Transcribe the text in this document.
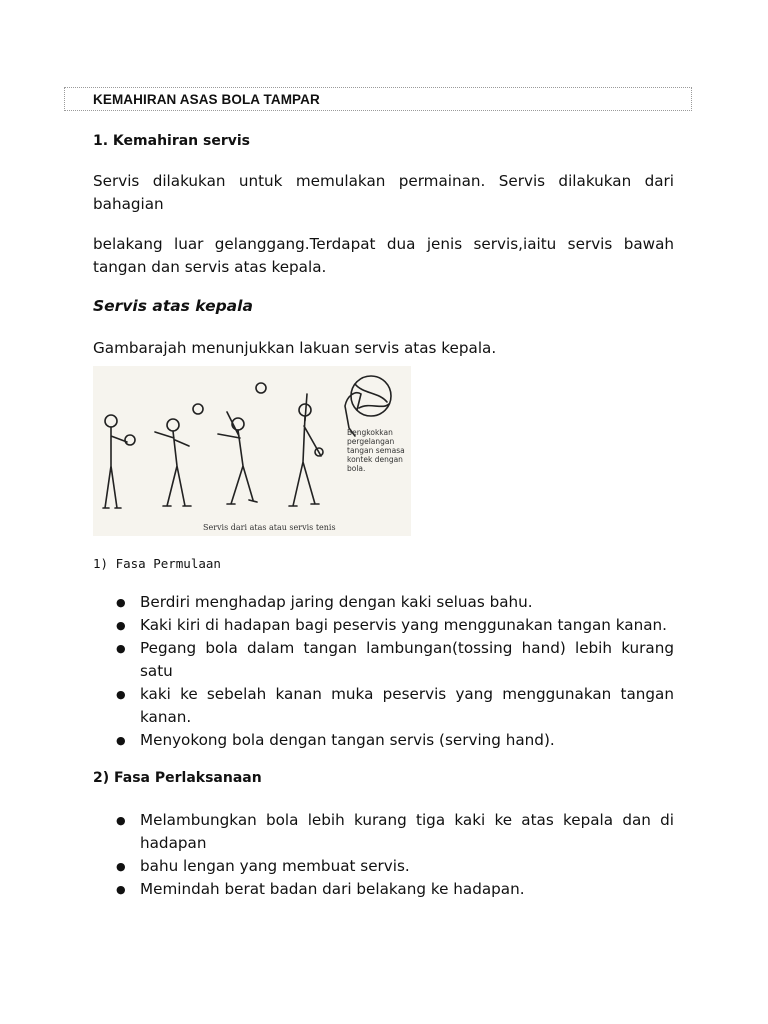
KEMAHIRAN ASAS BOLA TAMPAR
1. Kemahiran servis
Servis dilakukan untuk memulakan permainan. Servis dilakukan dari bahagian
belakang luar gelanggang.Terdapat dua jenis servis,iaitu servis bawah tangan dan servis atas kepala.
Servis atas kepala
Gambarajah menunjukkan lakuan servis atas kepala.
Bengkokkan
pergelangan
tangan semasa
kontek dengan
bola.
Servis dari atas atau servis tenis
1) Fasa Permulaan
● Berdiri menghadap jaring dengan kaki seluas bahu.
● Kaki kiri di hadapan bagi peservis yang menggunakan tangan kanan.
● Pegang bola dalam tangan lambungan(tossing hand) lebih kurang satu
● kaki ke sebelah kanan muka peservis yang menggunakan tangan kanan.
● Menyokong bola dengan tangan servis (serving hand).
2) Fasa Perlaksanaan
● Melambungkan bola lebih kurang tiga kaki ke atas kepala dan di hadapan
● bahu lengan yang membuat servis.
● Memindah berat badan dari belakang ke hadapan.
